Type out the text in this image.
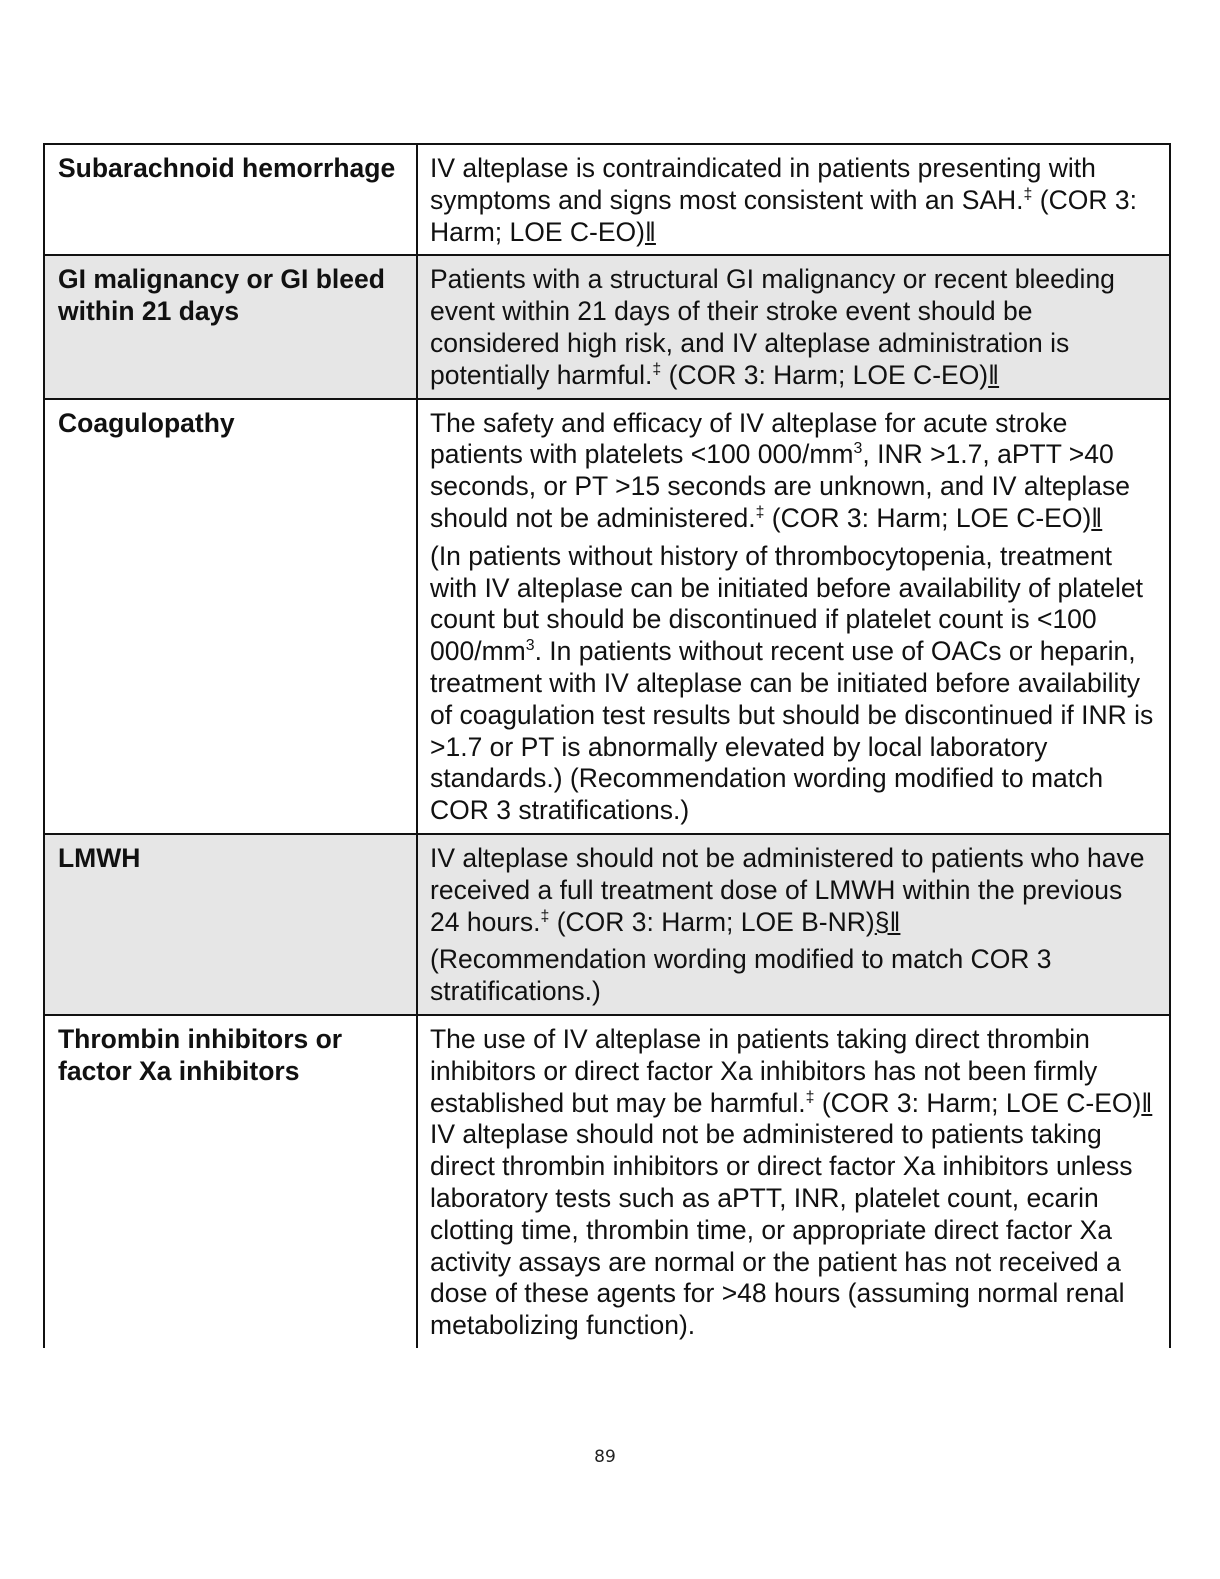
Subarachnoid hemorrhage	IV alteplase is contraindicated in patients presenting with symptoms and signs most consistent with an SAH.‡ (COR 3: Harm; LOE C-EO)‖

GI malignancy or GI bleed within 21 days	Patients with a structural GI malignancy or recent bleeding event within 21 days of their stroke event should be considered high risk, and IV alteplase administration is potentially harmful.‡ (COR 3: Harm; LOE C-EO)‖

Coagulopathy	The safety and efficacy of IV alteplase for acute stroke patients with platelets <100 $000/mm^3$, INR >1.7, aPTT >40 seconds, or PT >15 seconds are unknown, and IV alteplase should not be administered.‡ (COR 3: Harm; LOE C-EO)‖
(In patients without history of thrombocytopenia, treatment with IV alteplase can be initiated before availability of platelet count but should be discontinued if platelet count is <100 $000/mm^3$. In patients without recent use of OACs or heparin, treatment with IV alteplase can be initiated before availability of coagulation test results but should be discontinued if INR is >1.7 or PT is abnormally elevated by local laboratory standards.) (Recommendation wording modified to match COR 3 stratifications.)

LMWH	IV alteplase should not be administered to patients who have received a full treatment dose of LMWH within the previous 24 hours.‡ (COR 3: Harm; LOE B-NR)§‖
(Recommendation wording modified to match COR 3 stratifications.)

Thrombin inhibitors or factor Xa inhibitors	The use of IV alteplase in patients taking direct thrombin inhibitors or direct factor Xa inhibitors has not been firmly established but may be harmful.‡ (COR 3: Harm; LOE C-EO)‖ IV alteplase should not be administered to patients taking direct thrombin inhibitors or direct factor Xa inhibitors unless laboratory tests such as aPTT, INR, platelet count, ecarin clotting time, thrombin time, or appropriate direct factor Xa activity assays are normal or the patient has not received a dose of these agents for >48 hours (assuming normal renal metabolizing function).
89
